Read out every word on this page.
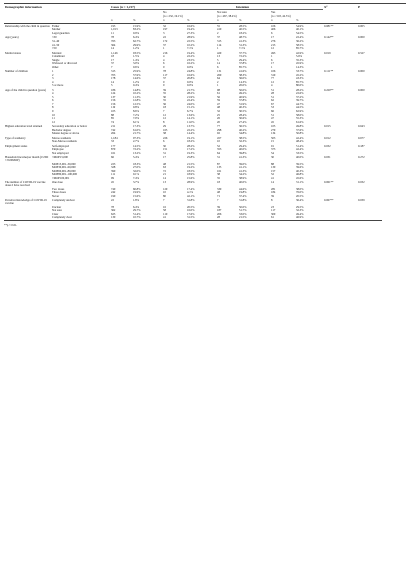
Demographic information		Cases (n = 1,217)		Intention						X²	P	
				No
(n = 232, 19.1%)		Not sure
(n = 467, 38.4%)		Yes
(n = 518, 42.5%)				
		n	%	n	%	n	%	n	%			
Relationship with the child in question	Father	193	15.9%	32	16.6%	55	28.5%	106	54.9%	0.081**	0.005	
	Mother	1,013	83.2%	197	19.4%	410	40.5%	406	40.1%			
	Legal guardian	11	0.9%	3	27.3%	2	18.2%	6	54.5%			
Age (years)	<30	78	6.4%	22	28.9%	37	48.7%	17	22.4%	0.142**	0.000	
	31–40	763	62.7%	172	22.5%	315	41.3%	276	36.2%			
	41–50	364	29.9%	37	10.2%	114	31.3%	213	58.5%			
	>50	14	1.2%	1	7.1%	1	7.1%	12	85.7%			
Marital status	Married	1,146	93.5%	216	19.4%	429	37.7%	493	42.9%	0.019	0.527	
	Cohabitant	18	1.5%	4	22.2%	13	72.2%	1	5.6%			
	Single	17	1.4%	4	23.5%	5	29.4%	6	35.3%			
	Widowed or divorced	37	3.0%	6	16.2%	14	37.8%	17	45.9%			
	Other	7	0.6%	0	0.0%	6	85.7%	1	14.3%			
Number of children	1	315	25.9%	78	24.8%	131	41.6%	106	33.7%	0.111**	0.000	
	2	703	57.9%	117	16.6%	269	38.3%	319	45.2%			
	3	178	14.6%	37	20.8%	64	36.0%	77	43.3%			
	4	14	1.2%	0	0.0%	2	14.3%	12	85.7%			
	5 or more	5	0.4%	0	0.0%	1	20.0%	4	80.0%			
Age of the child in question (years)	3	186	14.8%	39	21.7%	98	50.0%	51	28.2%	0.220**	0.000	
	4	124	10.2%	35	28.2%	61	49.2%	28	22.6%			
	5	137	11.3%	30	21.9%	56	40.9%	51	37.2%			
	6	156	12.8%	35	22.4%	59	37.8%	62	39.7%			
	7	156	12.5%	36	24.0%	47	31.9%	67	44.7%			
	8	119	9.8%	18	15.1%	48	40.3%	53	44.5%			
	9	105	8.6%	7	6.7%	32	30.5%	66	62.9%			
	10	88	7.2%	12	13.6%	25	28.4%	51	58.0%			
	11	85	7.0%	12	14.1%	26	30.6%	47	55.3%			
	12	74	6.1%	8	11.0%	20	27.4%	45	61.6%			
Highest education level attained	Secondary education or below	211	17.3%	29	13.7%	77	36.5%	105	49.8%	0.015	0.643	
	Bachelor degree	742	61.0%	165	22.2%	298	40.2%	279	37.6%			
	Master degree or above	264	21.7%	38	14.4%	92	34.8%	134	50.8%			
Type of residency	Macao residents	1,184	97.3%	226	19.1%	457	38.5%	503	42.4%	0.012	0.677	
	Non-Macao residents	33	2.7%	6	18.2%	10	32.3%	15	48.4%			
Employment status	Self-employed	177	14.5%	30	28.2%	52	29.4%	91	51.4%	0.032	0.187	
	Employee	879	72.2%	151	17.2%	353	40.0%	373	42.4%			
	Not employed	161	13.2%	31	19.3%	64	39.8%	54	33.5%			
Household income/per month (1USD ≈ 8.09MOP)	<MOP15,000	66	5.4%	17	25.8%	31	41.3%	30	40.0%	0.031	0.272	
	MOP15,001–30,000	223	18.3%	48	21.5%	87	39.0%	88	39.5%			
	MOP30,001–60,000	328	27.0%	63	19.2%	135	41.1%	130	39.6%			
	MOP60,001–80,000	390	32.0%	72	18.5%	161	41.3%	157	40.3%			
	MOP80,001–100,000	111	9.1%	21	18.9%	38	34.2%	52	46.8%			
	>MOP100,001	99	7.4%	14	15.6%	35	38.9%	41	45.6%			
The number of COVID-19 vaccine doses I have received	One dose	45	3.7%	13	28.9%	18	40.0%	14	31.1%	0.061**	0.032	
	Two doses	740	60.8%	129	17.4%	330	44.6%	281	38.0%			
	Three doses	242	19.9%	10	4.1%	48	19.8%	184	76.0%			
	Never	190	15.6%	80	42.1%	71	37.4%	39	20.5%			
Perceived knowledge of COVID-19 vaccine	Completely unclear	22	1.8%	7	31.8%	7	31.8%	8	36.4%	0.067**	0.039	
	Unclear	78	6.4%	16	20.5%	39	50.0%	23	29.5%			
	Not sure	362	29.7%	58	16.0%	187	51.7%	117	32.3%			
	Clear	625	51.4%	110	17.6%	206	33.0%	309	49.4%			
	Completely clear	130	10.7%	41	31.5%	28	21.5%	61	46.9%			
**p < 0.01.
